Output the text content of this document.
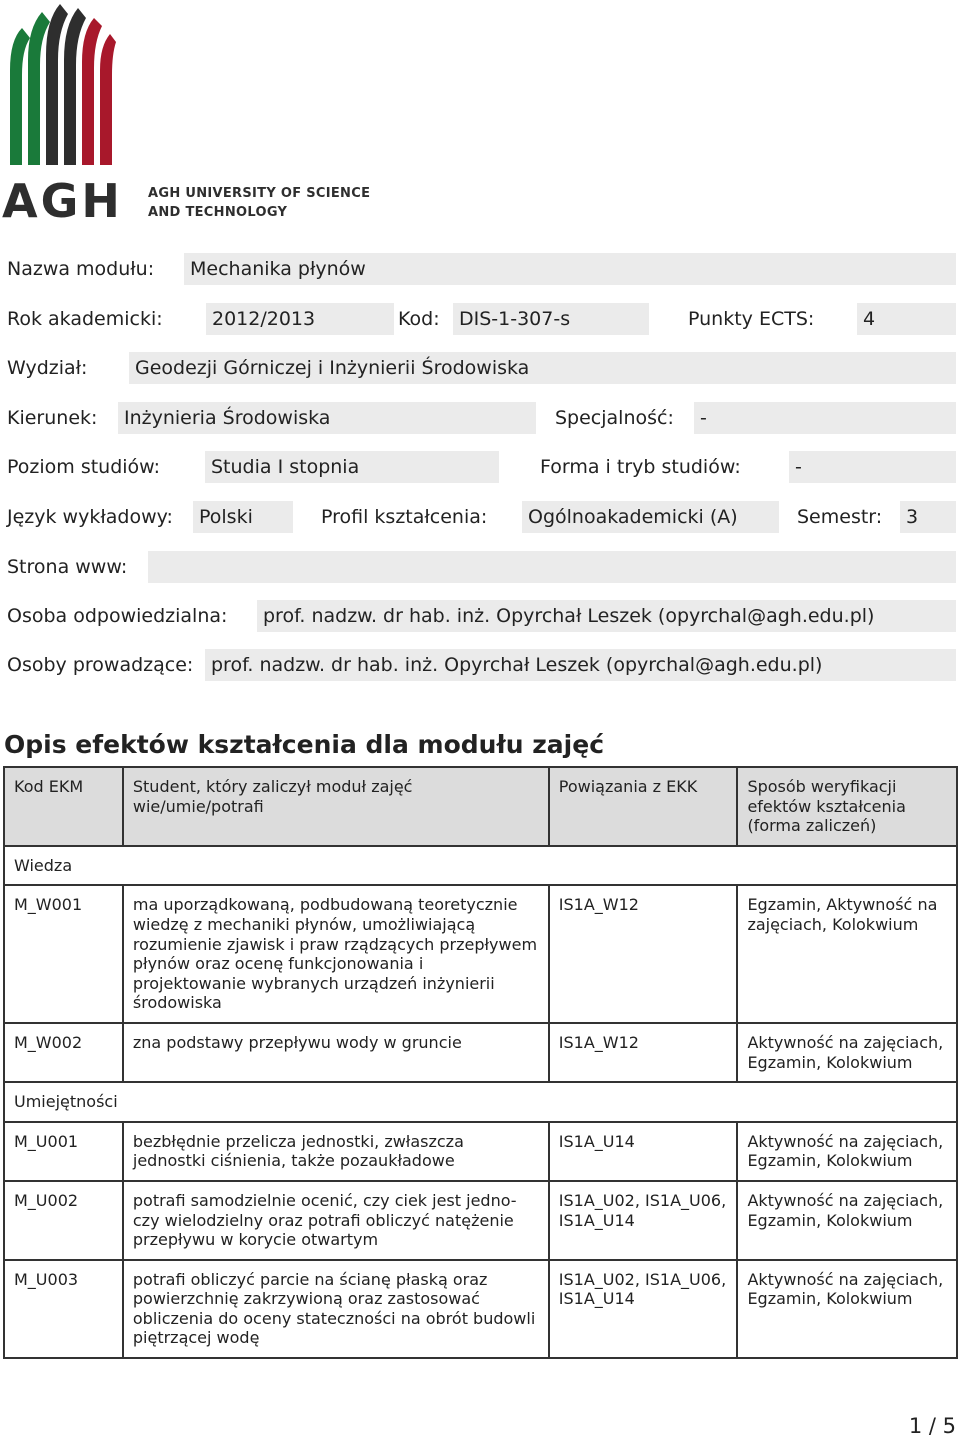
AGH AGH UNIVERSITY OF SCIENCE
AND TECHNOLOGY
Nazwa modułu:	Mechanika płynów
Rok akademicki:	2012/2013	Kod:	DIS-1-307-s	Punkty ECTS:	4
Wydział:	Geodezji Górniczej i Inżynierii Środowiska
Kierunek:	Inżynieria Środowiska	Specjalność:	-
Poziom studiów:	Studia I stopnia	Forma i tryb studiów:	-
Język wykładowy:	Polski	Profil kształcenia:	Ogólnoakademicki (A)	Semestr:	3
Strona www:
Osoba odpowiedzialna:	prof. nadzw. dr hab. inż. Opyrchał Leszek (opyrchal@agh.edu.pl)
Osoby prowadzące: prof. nadzw. dr hab. inż. Opyrchał Leszek (opyrchal@agh.edu.pl)
Opis efektów kształcenia dla modułu zajęć
Kod EKM	Student, który zaliczył moduł zajęć wie/umie/potrafi	Powiązania z EKK	Sposób weryfikacji efektów kształcenia (forma zaliczeń)
Wiedza			
M_W001	ma uporządkowaną, podbudowaną teoretycznie wiedzę z mechaniki płynów, umożliwiającą rozumienie zjawisk i praw rządzących przepływem płynów oraz ocenę funkcjonowania i projektowanie wybranych urządzeń inżynierii środowiska	IS1A_W12	Egzamin, Aktywność na zajęciach, Kolokwium
M_W002	zna podstawy przepływu wody w gruncie	IS1A_W12	Aktywność na zajęciach, Egzamin, Kolokwium
Umiejętności			
M_U001	bezbłędnie przelicza jednostki, zwłaszcza jednostki ciśnienia, także pozaukładowe	IS1A_U14	Aktywność na zajęciach, Egzamin, Kolokwium
M_U002	potrafi samodzielnie ocenić, czy ciek jest jedno-czy wielodzielny oraz potrafi obliczyć natężenie przepływu w korycie otwartym	IS1A_U02, IS1A_U06, IS1A_U14	Aktywność na zajęciach, Egzamin, Kolokwium
M_U003	potrafi obliczyć parcie na ścianę płaską oraz powierzchnię zakrzywioną oraz zastosować obliczenia do oceny stateczności na obrót budowli piętrzącej wodę	IS1A_U02, IS1A_U06, IS1A_U14	Aktywność na zajęciach, Egzamin, Kolokwium
1 / 5
